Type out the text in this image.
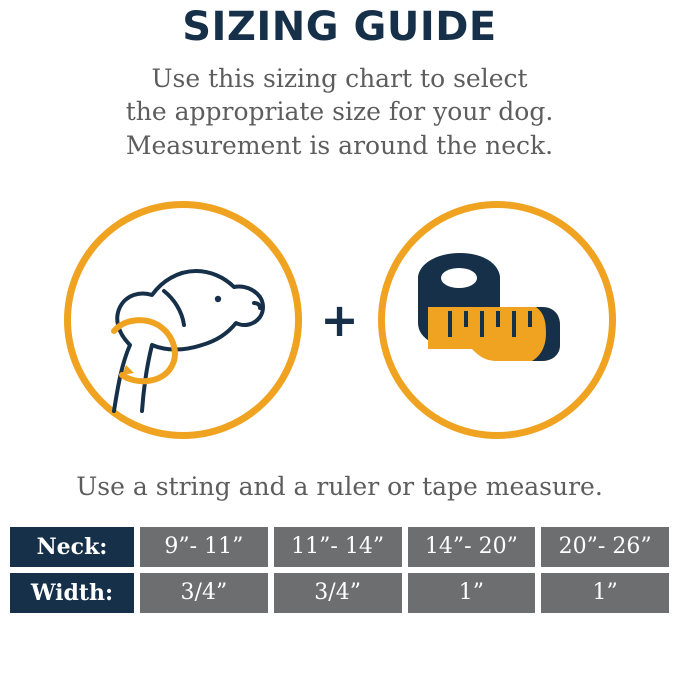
SIZING GUIDE
Use this sizing chart to select
the appropriate size for your dog.
Measurement is around the neck.
+
Use a string and a ruler or tape measure.
Neck:	9”- 11”	11”- 14”	14”- 20”	20”- 26”
Width:	3/4”	3/4”	1”	1”
